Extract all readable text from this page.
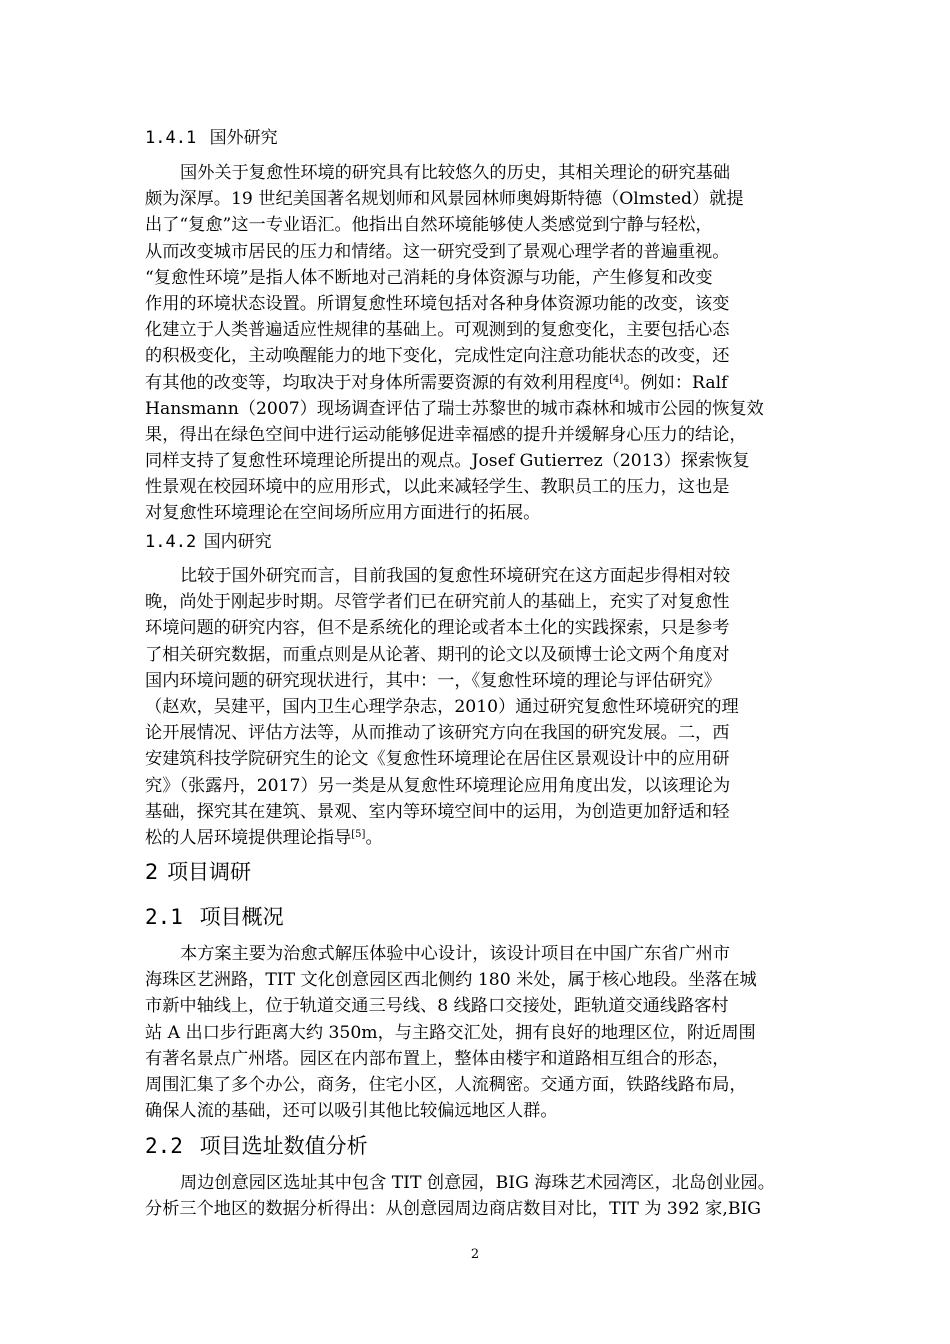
1.4.1 国外研究
国外关于复愈性环境的研究具有比较悠久的历史，其相关理论的研究基础
颇为深厚。19 世纪美国著名规划师和风景园林师奥姆斯特德（Olmsted）就提
出了“复愈”这一专业语汇。他指出自然环境能够使人类感觉到宁静与轻松，
从而改变城市居民的压力和情绪。这一研究受到了景观心理学者的普遍重视。
“复愈性环境”是指人体不断地对己消耗的身体资源与功能，产生修复和改变
作用的环境状态设置。所谓复愈性环境包括对各种身体资源功能的改变，该变
化建立于人类普遍适应性规律的基础上。可观测到的复愈变化，主要包括心态
的积极变化，主动唤醒能力的地下变化，完成性定向注意功能状态的改变，还
有其他的改变等，均取决于对身体所需要资源的有效利用程度[4]。例如：Ralf
Hansmann（2007）现场调查评估了瑞士苏黎世的城市森林和城市公园的恢复效
果，得出在绿色空间中进行运动能够促进幸福感的提升并缓解身心压力的结论，
同样支持了复愈性环境理论所提出的观点。Josef Gutierrez（2013）探索恢复
性景观在校园环境中的应用形式，以此来减轻学生、教职员工的压力，这也是
对复愈性环境理论在空间场所应用方面进行的拓展。
1.4.2 国内研究
比较于国外研究而言，目前我国的复愈性环境研究在这方面起步得相对较
晚，尚处于刚起步时期。尽管学者们已在研究前人的基础上，充实了对复愈性
环境问题的研究内容，但不是系统化的理论或者本土化的实践探索，只是参考
了相关研究数据，而重点则是从论著、期刊的论文以及硕博士论文两个角度对
国内环境问题的研究现状进行，其中：一，《复愈性环境的理论与评估研究》
（赵欢，吴建平，国内卫生心理学杂志，2010）通过研究复愈性环境研究的理
论开展情况、评估方法等，从而推动了该研究方向在我国的研究发展。二，西
安建筑科技学院研究生的论文《复愈性环境理论在居住区景观设计中的应用研
究》（张露丹，2017）另一类是从复愈性环境理论应用角度出发，以该理论为
基础，探究其在建筑、景观、室内等环境空间中的运用，为创造更加舒适和轻
松的人居环境提供理论指导[5]。
2 项目调研
2.1 项目概况
本方案主要为治愈式解压体验中心设计，该设计项目在中国广东省广州市
海珠区艺洲路，TIT 文化创意园区西北侧约 180 米处，属于核心地段。坐落在城
市新中轴线上，位于轨道交通三号线、8 线路口交接处，距轨道交通线路客村
站 A 出口步行距离大约 350m，与主路交汇处，拥有良好的地理区位，附近周围
有著名景点广州塔。园区在内部布置上，整体由楼宇和道路相互组合的形态，
周围汇集了多个办公，商务，住宅小区，人流稠密。交通方面，铁路线路布局，
确保人流的基础，还可以吸引其他比较偏远地区人群。
2.2 项目选址数值分析
周边创意园区选址其中包含 TIT 创意园，BIG 海珠艺术园湾区，北岛创业园。
分析三个地区的数据分析得出：从创意园周边商店数目对比，TIT 为 392 家,BIG
2
